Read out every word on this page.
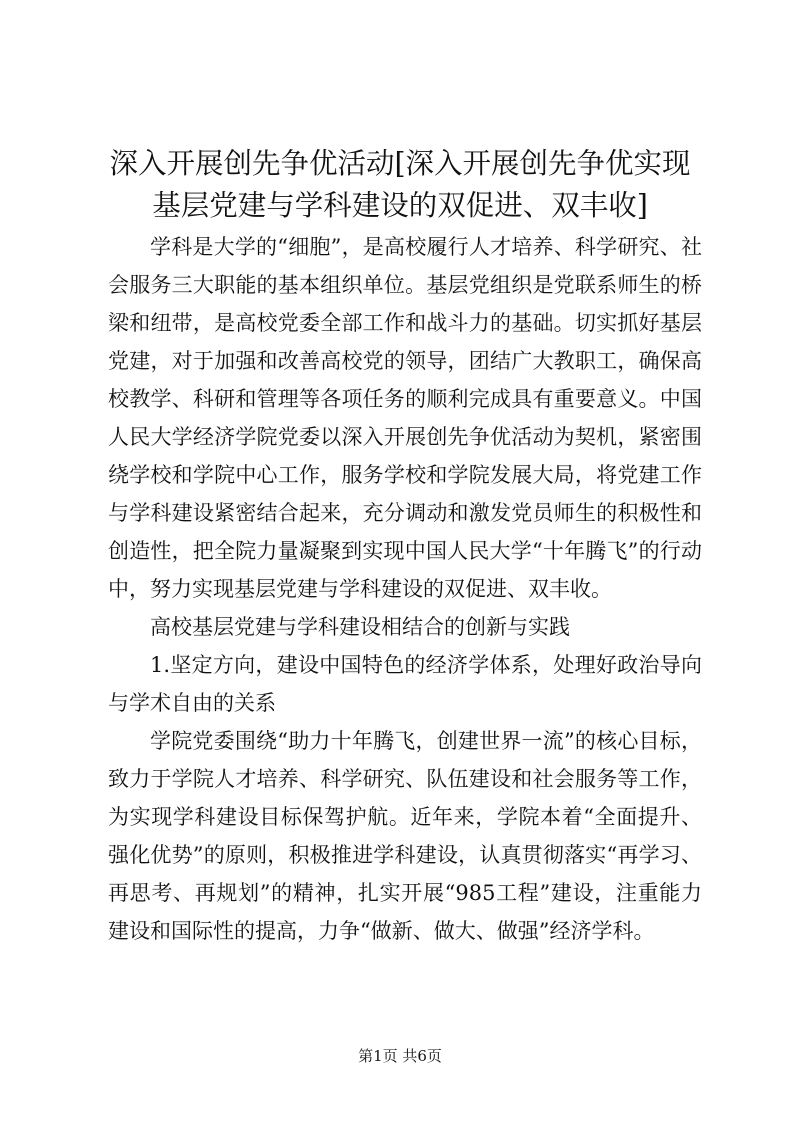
深入开展创先争优活动[深入开展创先争优实现基层党建与学科建设的双促进、双丰收]

学科是大学的“细胞”，是高校履行人才培养、科学研究、社会服务三大职能的基本组织单位。基层党组织是党联系师生的桥梁和纽带，是高校党委全部工作和战斗力的基础。切实抓好基层党建，对于加强和改善高校党的领导，团结广大教职工，确保高校教学、科研和管理等各项任务的顺利完成具有重要意义。中国人民大学经济学院党委以深入开展创先争优活动为契机，紧密围绕学校和学院中心工作，服务学校和学院发展大局，将党建工作与学科建设紧密结合起来，充分调动和激发党员师生的积极性和创造性，把全院力量凝聚到实现中国人民大学“十年腾飞”的行动中，努力实现基层党建与学科建设的双促进、双丰收。

高校基层党建与学科建设相结合的创新与实践

1.坚定方向，建设中国特色的经济学体系，处理好政治导向与学术自由的关系

学院党委围绕“助力十年腾飞，创建世界一流”的核心目标，致力于学院人才培养、科学研究、队伍建设和社会服务等工作，为实现学科建设目标保驾护航。近年来，学院本着“全面提升、强化优势”的原则，积极推进学科建设，认真贯彻落实“再学习、再思考、再规划”的精神，扎实开展“985工程”建设，注重能力建设和国际性的提高，力争“做新、做大、做强”经济学科。

第1页 共6页
